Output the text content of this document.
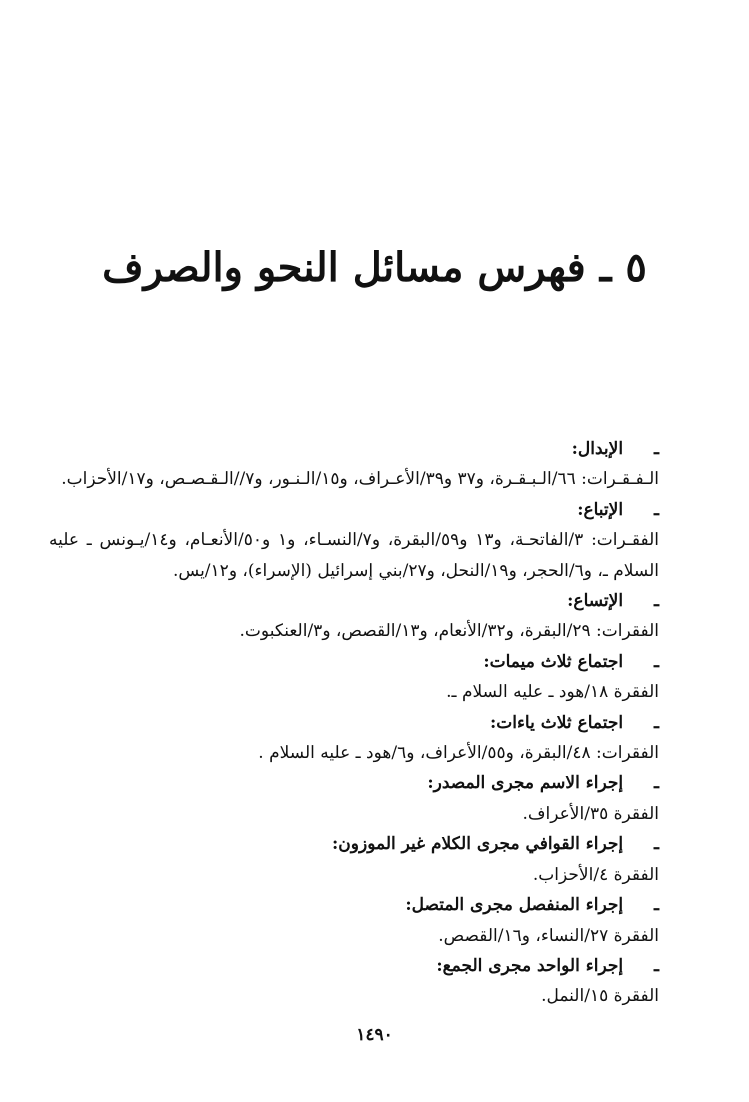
٥ ـ فهرس مسائل النحو والصرف
ـ الإبدال:
الـفـقـرات: ٦٦/الـبـقـرة، و٣٧ و٣٩/الأعـراف، و١٥/الـنـور، و٧//الـقـصـص، و١٧/الأحزاب.
ـ الإتباع:
الفقـرات: ٣/الفاتحـة، و١٣ و٥٩/البقرة، و٧/النسـاء، و١ و٥٠/الأنعـام، و١٤/يـونس ـ عليه السلام ـ، و٦/الحجر، و١٩/النحل، و٢٧/بني إسرائيل (الإسراء)، و١٢/يس.
ـ الإتساع:
الفقرات: ٢٩/البقرة، و٣٢/الأنعام، و١٣/القصص، و٣/العنكبوت.
ـ اجتماع ثلاث ميمات:
الفقرة ١٨/هود ـ عليه السلام ـ.
ـ اجتماع ثلاث ياءات:
الفقرات: ٤٨/البقرة، و٥٥/الأعراف، و٦/هود ـ عليه السلام .
ـ إجراء الاسم مجرى المصدر:
الفقرة ٣٥/الأعراف.
ـ إجراء القوافي مجرى الكلام غير الموزون:
الفقرة ٤/الأحزاب.
ـ إجراء المنفصل مجرى المتصل:
الفقرة ٢٧/النساء، و١٦/القصص.
ـ إجراء الواحد مجرى الجمع:
الفقرة ١٥/النمل.
١٤٩٠
